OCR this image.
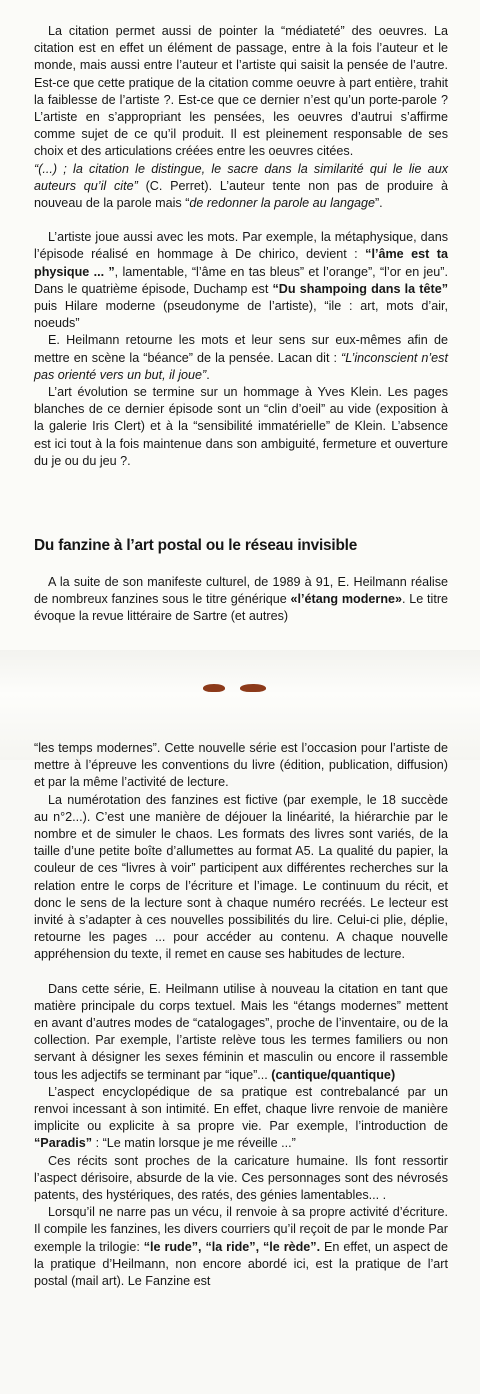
La citation permet aussi de pointer la “médiateté” des oeuvres. La citation est en effet un élément de passage, entre à la fois l’auteur et le monde, mais aussi entre l’auteur et l’artiste qui saisit la pensée de l’autre. Est-ce que cette pratique de la citation comme oeuvre à part entière, trahit la faiblesse de l’artiste ?. Est-ce que ce dernier n’est qu’un porte-parole ? L’artiste en s’appropriant les pensées, les oeuvres d’autrui s’affirme comme sujet de ce qu’il produit. Il est pleinement responsable de ses choix et des articulations créées entre les oeuvres citées.

“(...) ; la citation le distingue, le sacre dans la similarité qui le lie aux auteurs qu’il cite” (C. Perret). L’auteur tente non pas de produire à nouveau de la parole mais “de redonner la parole au langage”.

L’artiste joue aussi avec les mots. Par exemple, la métaphysique, dans l’épisode réalisé en hommage à De chirico, devient : “l’âme est ta physique ... ”, lamentable, “l’âme en tas bleus” et l’orange”, “l’or en jeu”. Dans le quatrième épisode, Duchamp est “Du shampoing dans la tête” puis Hilare moderne (pseudonyme de l’artiste), “ile : art, mots d’air, noeuds”

E. Heilmann retourne les mots et leur sens sur eux-mêmes afin de mettre en scène la “béance” de la pensée. Lacan dit : “L’inconscient n’est pas orienté vers un but, il joue”.

L’art évolution se termine sur un hommage à Yves Klein. Les pages blanches de ce dernier épisode sont un “clin d’oeil” au vide (exposition à la galerie Iris Clert) et à la “sensibilité immatérielle” de Klein. L’absence est ici tout à la fois maintenue dans son ambiguité, fermeture et ouverture du je ou du jeu ?.

Du fanzine à l’art postal ou le réseau invisible

A la suite de son manifeste culturel, de 1989 à 91, E. Heilmann réalise de nombreux fanzines sous le titre générique «l’étang moderne». Le titre évoque la revue littéraire de Sartre (et autres)

“les temps modernes”. Cette nouvelle série est l’occasion pour l’artiste de mettre à l’épreuve les conventions du livre (édition, publication, diffusion) et par la même l’activité de lecture.

La numérotation des fanzines est fictive (par exemple, le 18 succède au n°2...). C’est une manière de déjouer la linéarité, la hiérarchie par le nombre et de simuler le chaos. Les formats des livres sont variés, de la taille d’une petite boîte d’allumettes au format A5. La qualité du papier, la couleur de ces “livres à voir” participent aux différentes recherches sur la relation entre le corps de l’écriture et l’image. Le continuum du récit, et donc le sens de la lecture sont à chaque numéro recréés. Le lecteur est invité à s’adapter à ces nouvelles possibilités du lire. Celui-ci plie, déplie, retourne les pages ... pour accéder au contenu. A chaque nouvelle appréhension du texte, il remet en cause ses habitudes de lecture.

Dans cette série, E. Heilmann utilise à nouveau la citation en tant que matière principale du corps textuel. Mais les “étangs modernes” mettent en avant d’autres modes de “catalogages”, proche de l’inventaire, ou de la collection. Par exemple, l’artiste relève tous les termes familiers ou non servant à désigner les sexes féminin et masculin ou encore il rassemble tous les adjectifs se terminant par “ique”... (cantique/quantique)

L’aspect encyclopédique de sa pratique est contrebalancé par un renvoi incessant à son intimité. En effet, chaque livre renvoie de manière implicite ou explicite à sa propre vie. Par exemple, l’introduction de “Paradis” : “Le matin lorsque je me réveille ...”

Ces récits sont proches de la caricature humaine. Ils font ressortir l’aspect dérisoire, absurde de la vie. Ces personnages sont des névrosés patents, des hystériques, des ratés, des génies lamentables... .

Lorsqu’il ne narre pas un vécu, il renvoie à sa propre activité d’écriture. Il compile les fanzines, les divers courriers qu’il reçoit de par le monde Par exemple la trilogie: “le rude”, “la ride”, “le rède”. En effet, un aspect de la pratique d’Heilmann, non encore abordé ici, est la pratique de l’art postal (mail art). Le Fanzine est
